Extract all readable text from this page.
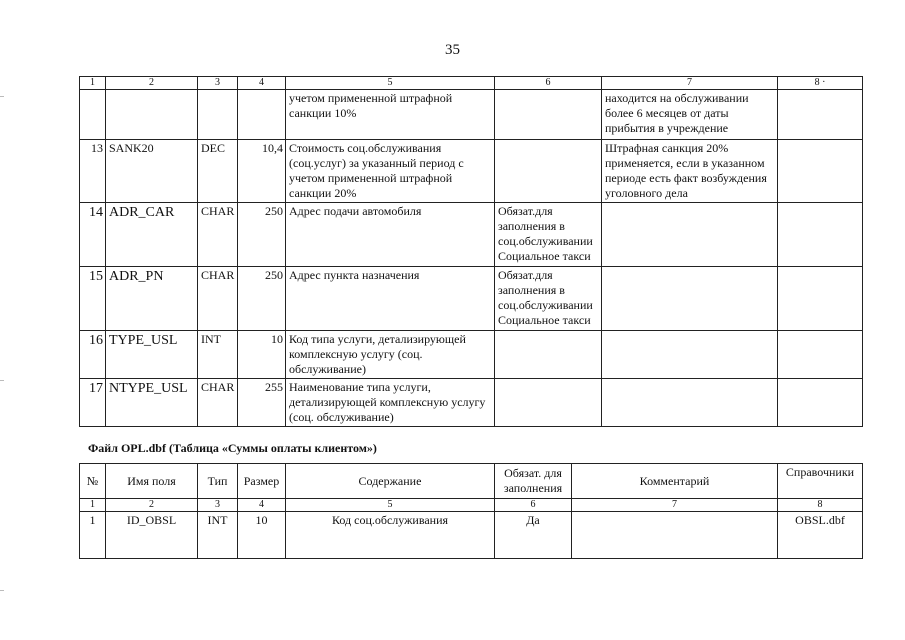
35
1	2	3	4	5	6	7	8 ·
				учетом примененной штрафной санкции 10%		находится на обслуживании более 6 месяцев от даты прибытия в учреждение	
13	SANK20	DEC	10,4	Стоимость соц.обслуживания (соц.услуг) за указанный период с учетом примененной штрафной санкции 20%		Штрафная санкция 20% применяется, если в указанном периоде есть факт возбуждения уголовного дела	
14	ADR_CAR	CHAR	250	Адрес подачи автомобиля	Обязат.для заполнения в соц.обслуживании Социальное такси		
15	ADR_PN	CHAR	250	Адрес пункта назначения	Обязат.для заполнения в соц.обслуживании Социальное такси		
16	TYPE_USL	INT	10	Код типа услуги, детализирующей комплексную услугу (соц. обслуживание)			
17	NTYPE_USL	CHAR	255	Наименование типа услуги, детализирующей комплексную услугу (соц. обслуживание)			
Файл OPL.dbf (Таблица «Суммы оплаты клиентом»)
№	Имя поля	Тип	Размер	Содержание	Обязат. для заполнения	Комментарий	Справочники
1	2	3	4	5	6	7	8
1	ID_OBSL	INT	10	Код соц.обслуживания	Да		OBSL.dbf
